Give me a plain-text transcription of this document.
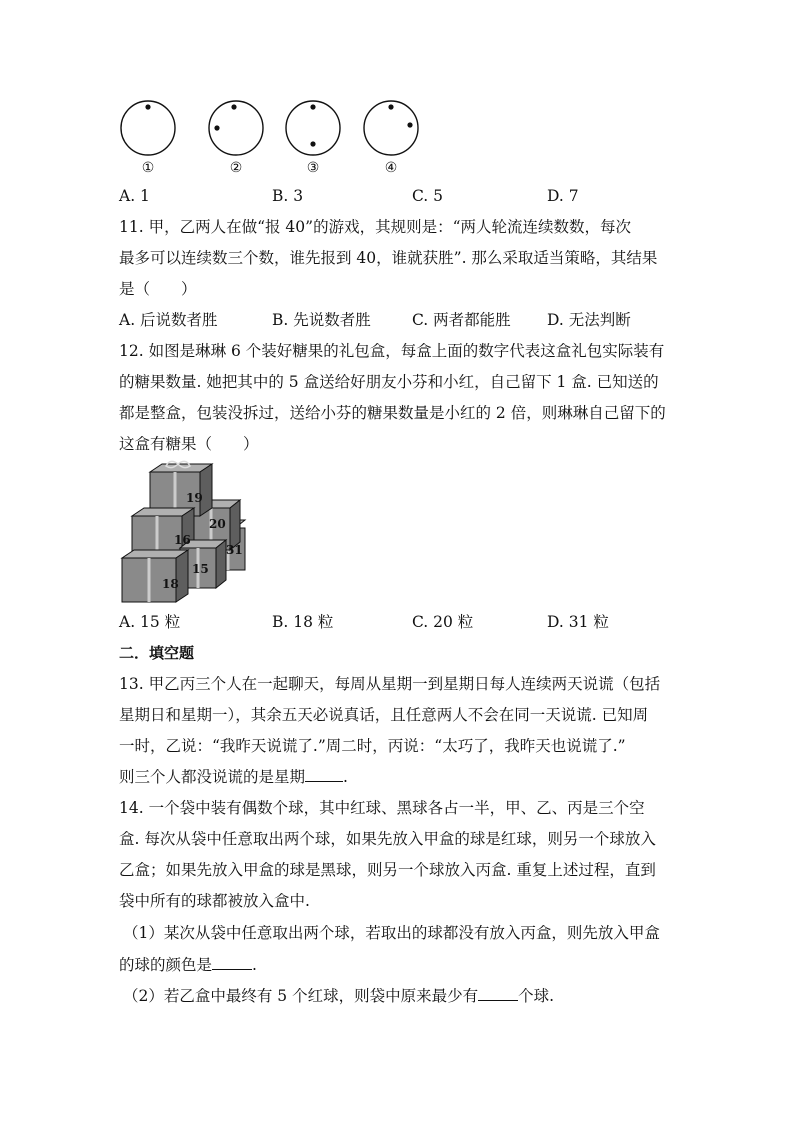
①	②	③	④
A. 1	B. 3	C. 5	D. 7
11. 甲，乙两人在做“报 40”的游戏，其规则是：“两人轮流连续数数，每次
最多可以连续数三个数，谁先报到 40，谁就获胜”. 那么采取适当策略，其结果
是（　　）
A. 后说数者胜	B. 先说数者胜	C. 两者都能胜 D. 无法判断
12. 如图是琳琳 6 个装好糖果的礼包盒，每盒上面的数字代表这盒礼包实际装有
的糖果数量. 她把其中的 5 盒送给好朋友小芬和小红，自己留下 1 盒. 已知送的
都是整盒，包装没拆过，送给小芬的糖果数量是小红的 2 倍，则琳琳自己留下的
这盒有糖果（　　）
19
16
20
31
18
15
A. 15 粒	B. 18 粒	C. 20 粒	D. 31 粒
二．填空题
13. 甲乙丙三个人在一起聊天，每周从星期一到星期日每人连续两天说谎（包括
星期日和星期一），其余五天必说真话，且任意两人不会在同一天说谎. 已知周
一时，乙说：“我昨天说谎了.”周二时，丙说：“太巧了，我昨天也说谎了.”
则三个人都没说谎的是星期 .
14. 一个袋中装有偶数个球，其中红球、黑球各占一半，甲、乙、丙是三个空
盒. 每次从袋中任意取出两个球，如果先放入甲盒的球是红球，则另一个球放入
乙盒；如果先放入甲盒的球是黑球，则另一个球放入丙盒. 重复上述过程，直到
袋中所有的球都被放入盒中.
（1）某次从袋中任意取出两个球，若取出的球都没有放入丙盒，则先放入甲盒
的球的颜色是	.
（2）若乙盒中最终有 5 个红球，则袋中原来最少有	个球.
